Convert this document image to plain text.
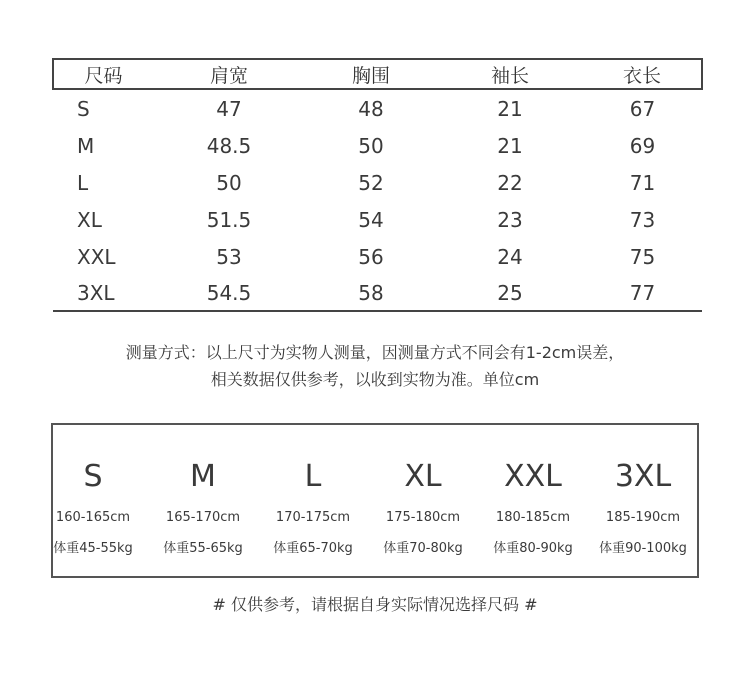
尺码	肩宽	胸围	袖长	衣长
S	47	48	21	67
M	48.5	50	21	69
L	50	52	22	71
XL	51.5	54	23	73
XXL	53	56	24	75
3XL	54.5	58	25	77
测量方式：以上尺寸为实物人测量，因测量方式不同会有1-2cm误差，
相关数据仅供参考，以收到实物为准。单位cm
S
160-165cm
体重45-55kg
M
165-170cm
体重55-65kg
L
170-175cm
体重65-70kg
XL
175-180cm
体重70-80kg
XXL
180-185cm
体重80-90kg
3XL
185-190cm
体重90-100kg
# 仅供参考，请根据自身实际情况选择尺码 #
